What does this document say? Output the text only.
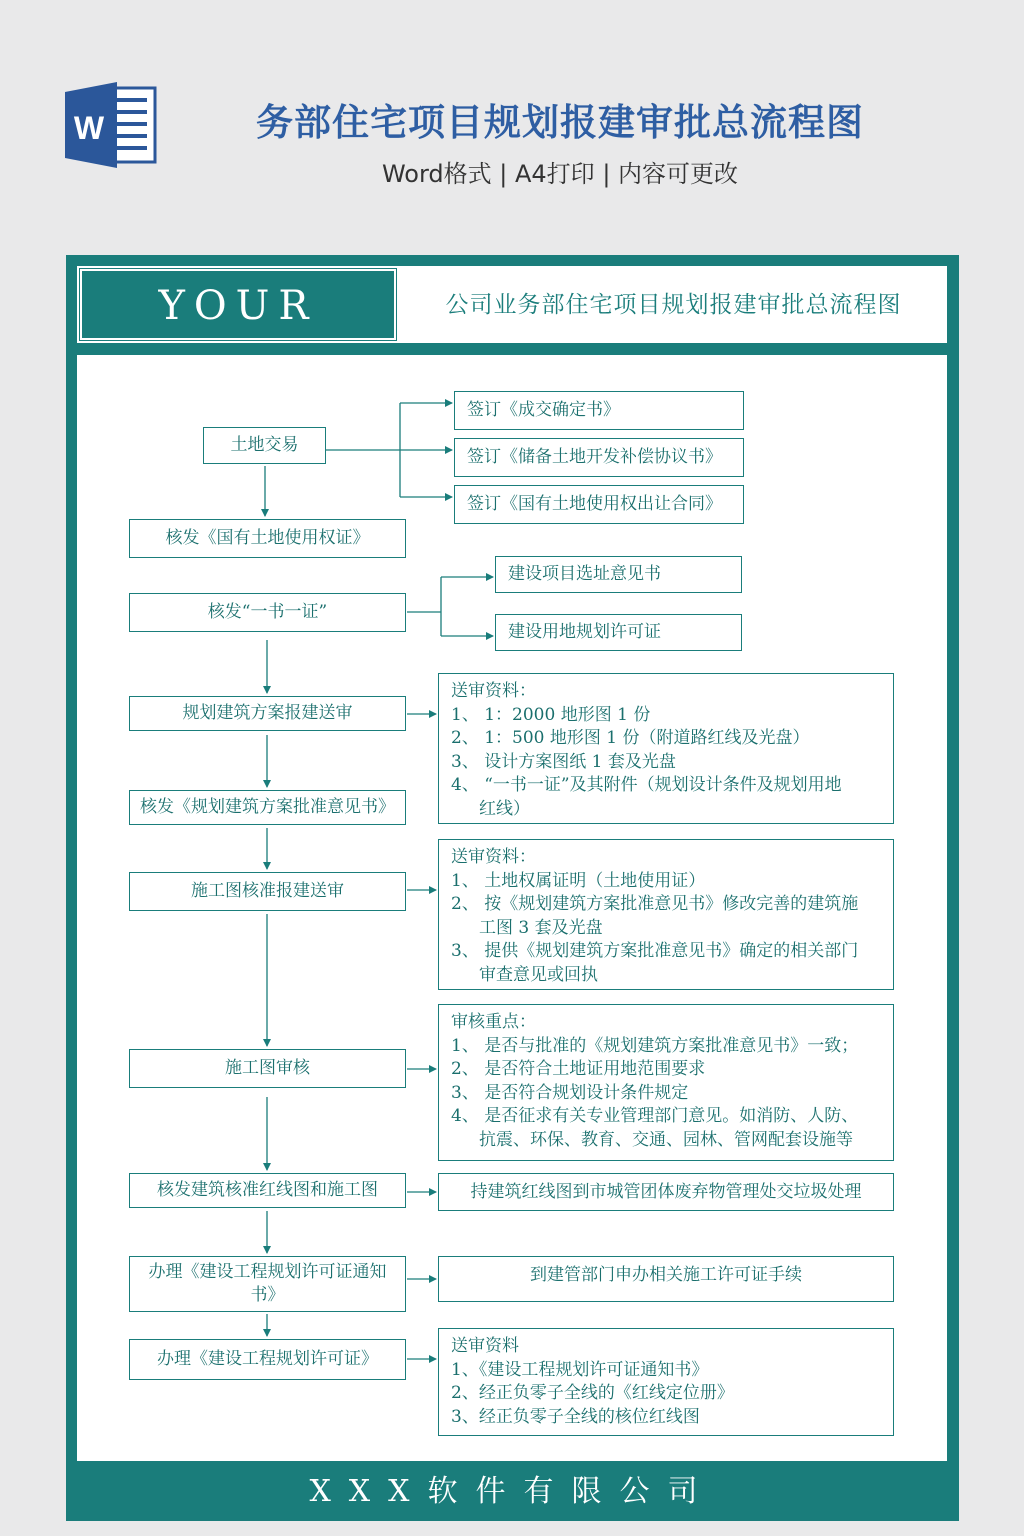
W	务部住宅项目规划报建审批总流程图
Word格式 | A4打印 | 内容可更改
YOUR	公司业务部住宅项目规划报建审批总流程图
XXX软件有限公司
土地交易
签订《成交确定书》
签订《储备土地开发补偿协议书》
签订《国有土地使用权出让合同》
核发《国有土地使用权证》
核发“一书一证”
建设项目选址意见书
建设用地规划许可证
规划建筑方案报建送审
核发《规划建筑方案批准意见书》
施工图核准报建送审
施工图审核
核发建筑核准红线图和施工图
办理《建设工程规划许可证通知书》
办理《建设工程规划许可证》
送审资料：
1、 1：2000 地形图 1 份
2、 1：500 地形图 1 份（附道路红线及光盘）
3、 设计方案图纸 1 套及光盘
4、 “一书一证”及其附件（规划设计条件及规划用地
红线）
送审资料：
1、 土地权属证明（土地使用证）
2、 按《规划建筑方案批准意见书》修改完善的建筑施
工图 3 套及光盘
3、 提供《规划建筑方案批准意见书》确定的相关部门
审查意见或回执
审核重点：
1、 是否与批准的《规划建筑方案批准意见书》一致；
2、 是否符合土地证用地范围要求
3、 是否符合规划设计条件规定
4、 是否征求有关专业管理部门意见。如消防、人防、
抗震、环保、教育、交通、园林、管网配套设施等
持建筑红线图到市城管团体废弃物管理处交垃圾处理
到建管部门申办相关施工许可证手续
送审资料
1、《建设工程规划许可证通知书》
2、经正负零子全线的《红线定位册》
3、经正负零子全线的核位红线图
